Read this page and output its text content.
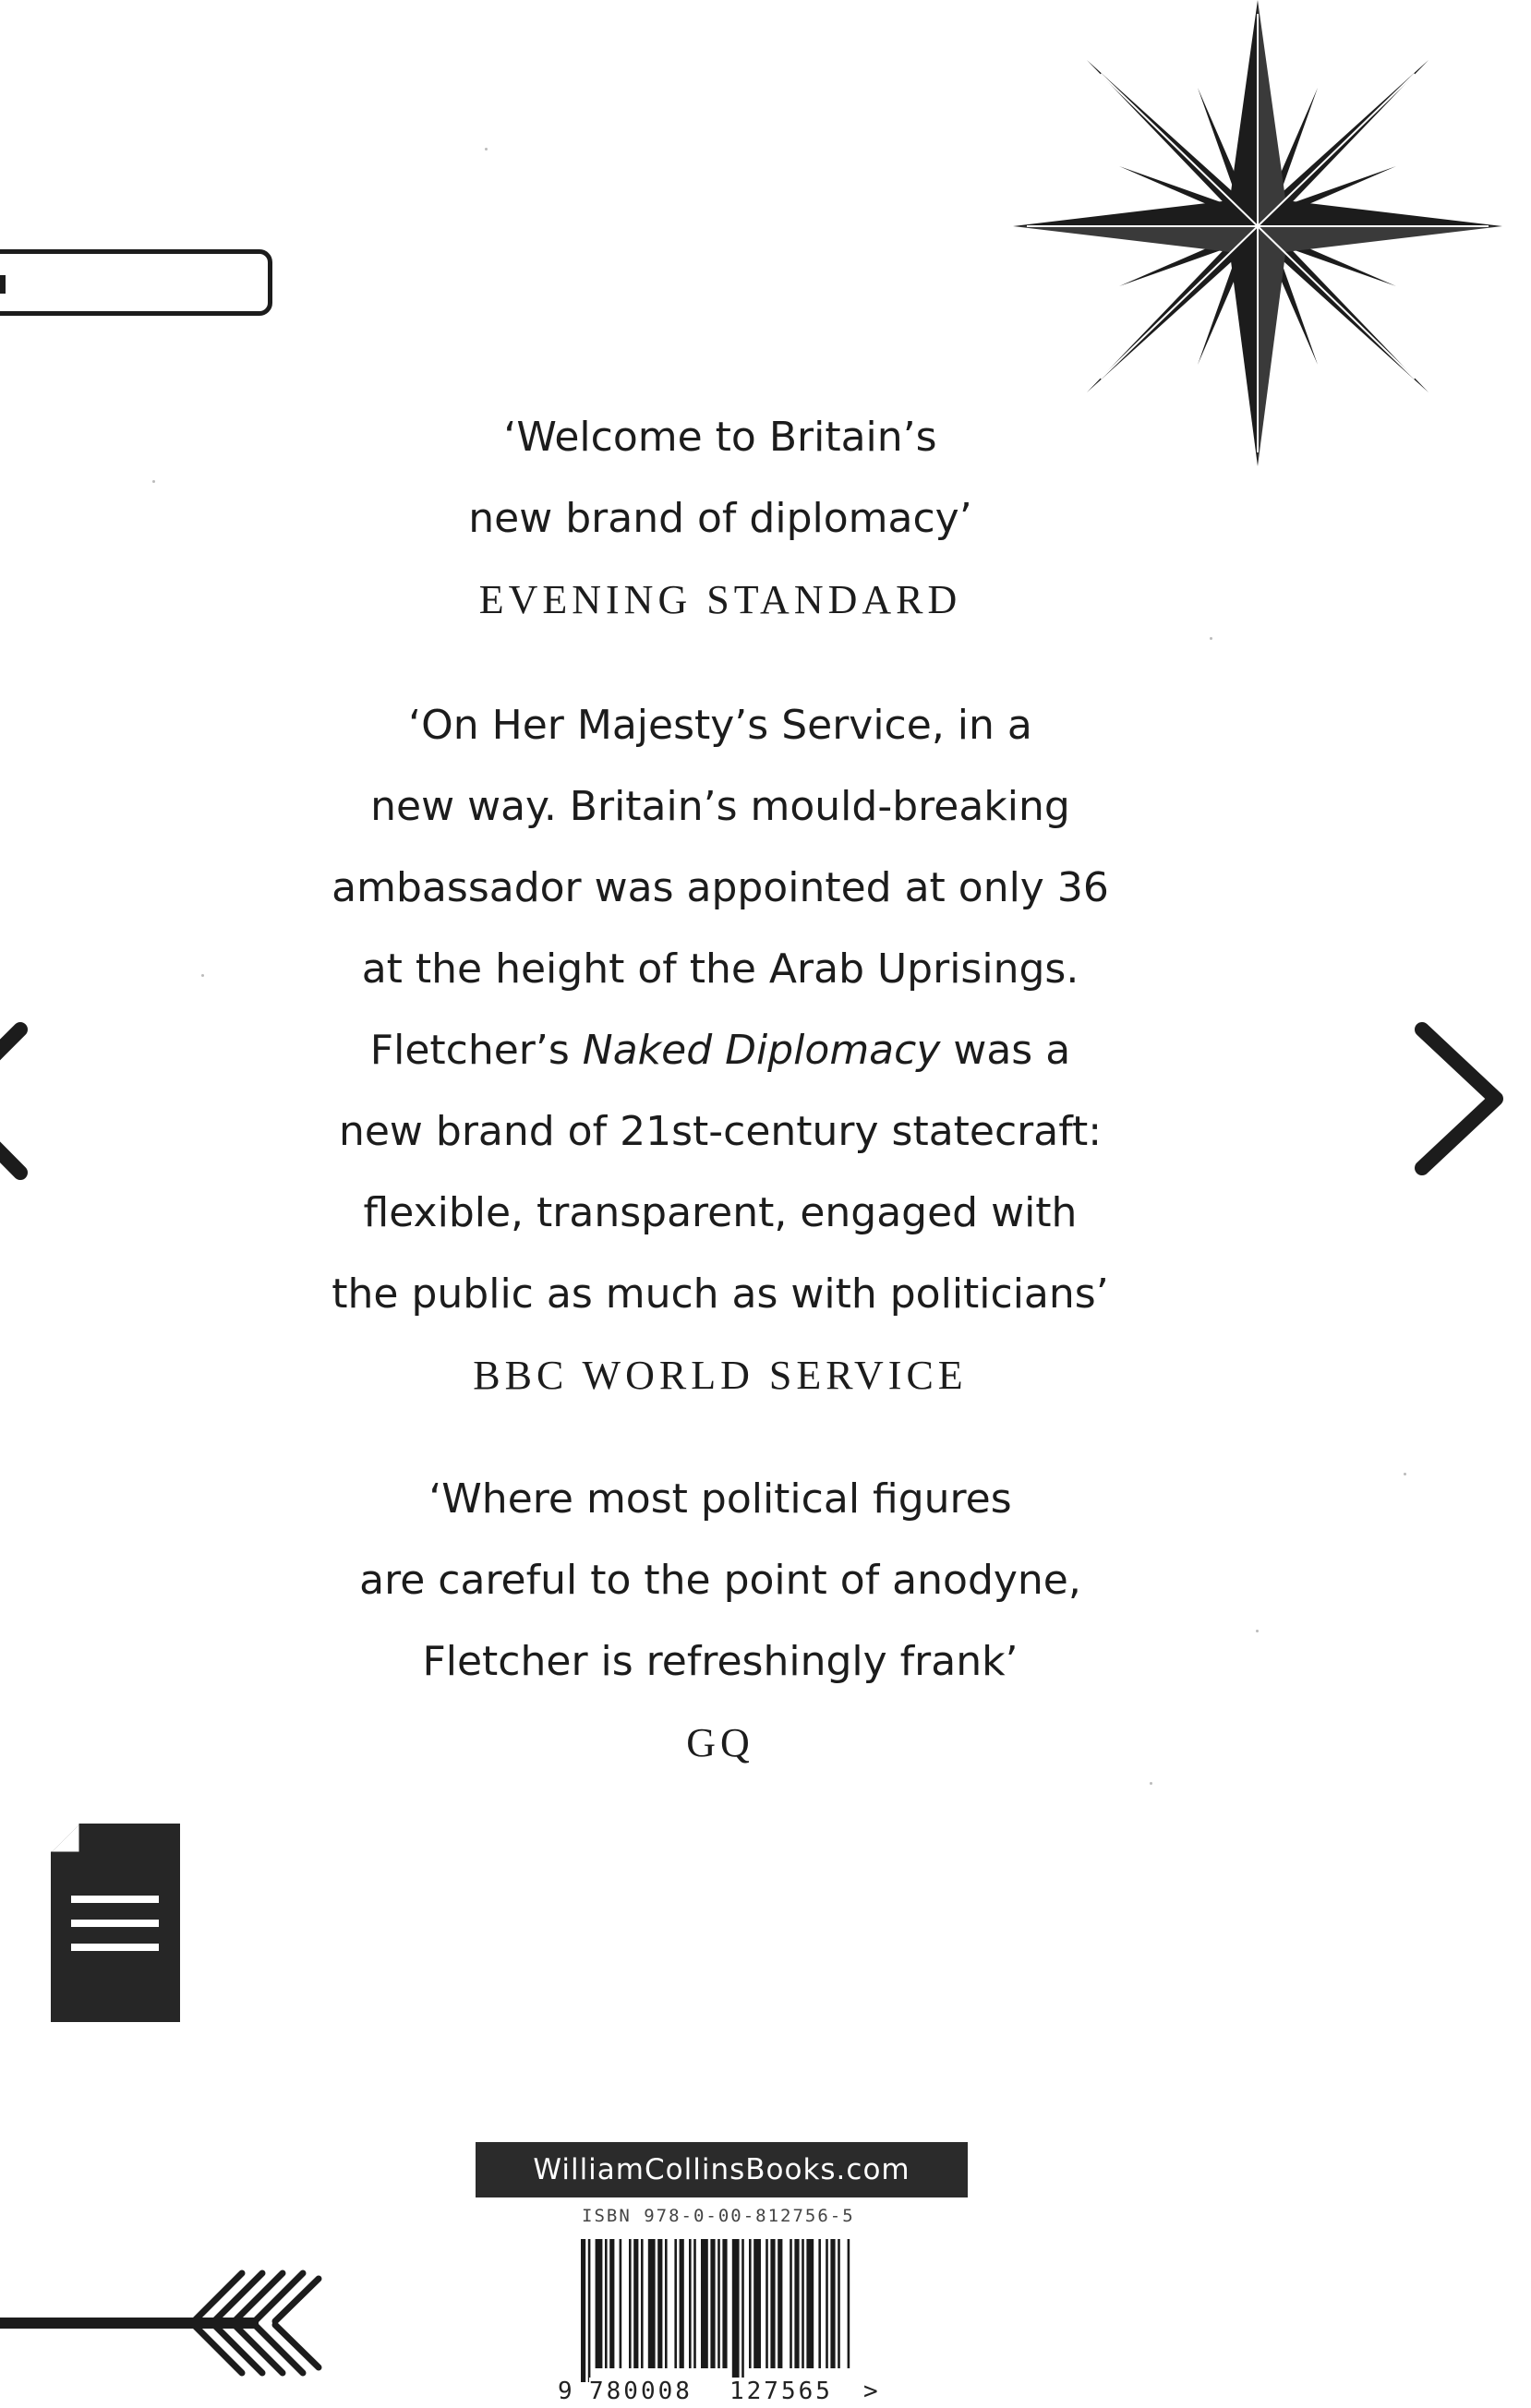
‘Welcome to Britain’s
new brand of diplomacy’
EVENING STANDARD
‘On Her Majesty’s Service, in a
new way. Britain’s mould-breaking
ambassador was appointed at only 36
at the height of the Arab Uprisings.
Fletcher’s Naked Diplomacy was a
new brand of 21st-century statecraft:
flexible, transparent, engaged with
the public as much as with politicians’
BBC WORLD SERVICE
‘Where most political figures
are careful to the point of anodyne,
Fletcher is refreshingly frank’
GQ
WilliamCollinsBooks.com
ISBN 978-0-00-812756-5
9 780008 127565 >
